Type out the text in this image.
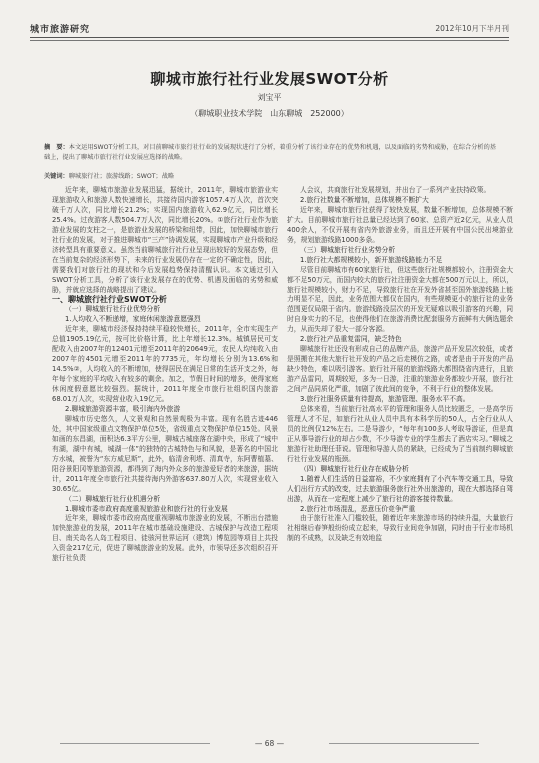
城市旅游研究	2012年10月下半月刊
聊城市旅行社行业发展SWOT分析
刘宝平
（聊城职业技术学院　山东聊城　252000）
摘　要：本文运用SWOT分析工具，对目前聊城市旅行社行业的发展现状进行了分析，着重分析了该行业存在的优势和机遇，以及面临的劣势和威胁，在综合分析的基础上，提出了聊城市旅行社行业发展应选择的战略。
关键词：聊城旅行社；旅游线路；SWOT；战略

近年来，聊城市旅游业发展迅猛，据统计，2011年，聊城市旅游业实现旅游收入和旅游人数快速增长，共接待国内游客1057.4万人次，首次突破千万人次，同比增长21.2%；实现国内旅游收入62.9亿元，同比增长25.4%。过夜游客人数504.7万人次，同比增长20%。①旅行社行业作为旅游业发展的支柱之一，是旅游业发展的桥梁和纽带，因此，加快聊城市旅行社行业的发展，对于推进聊城市“三产”协调发展，实现聊城市产业升级和经济转型具有重要意义。虽然当前聊城旅行社行业呈现出较好的发展态势，但在当前复杂的经济形势下，未来的行业发展仍存在一定的不确定性，因此，需要我们对旅行社的现状和今后发展趋势保持清醒认识。本文通过引入SWOT分析工具，分析了该行业发展存在的优势、机遇及面临的劣势和威胁，并就应选择的战略提出了建议。

一、聊城旅行社行业SWOT分析

（一）聊城旅行社行业优势分析

1.人均收入不断递增，家庭休闲旅游意愿强烈

近年来，聊城市经济保持持续平稳较快增长，2011年，全市实现生产总值1905.19亿元，按可比价格计算，比上年增长12.3%。城镇居民可支配收入由2007年的12401元增至2011年的20649元，农民人均纯收入由2007年的4501元增至2011年的7735元，年均增长分别为13.6%和14.5%②，人均收入的不断增加，使得居民在满足日常的生活开支之外，每年每个家庭的平均收入有较多的剩余。加之，节假日时间的增多，使得家庭休闲度假意愿比较强烈。据统计，2011年度全市旅行社组织国内旅游68.01万人次，实现营业收入19亿元。

2.聊城旅游资源丰富，吸引海内外旅游

聊城市历史悠久，人文景观和自然景观极为丰富。现有名胜古迹446处，其中国家级重点文物保护单位5处，省级重点文物保护单位15处。风景如画的东昌湖，面积达6.3平方公里，聊城古城座落在湖中央，形成了“城中有湖，湖中有城，城湖一体”的独特的古城特色与和风貌，是著名的中国北方水城，被誉为“东方威尼斯”，此外，临清舍利塔、清真寺，东阿曹植墓、阳谷景阳冈等旅游资源，都得到了海内外众多的旅游爱好者的来旅游，据统计，2011年度全市旅行社共接待海内外游客637.80万人次，实现营业收入30.65亿。

（二）聊城旅行社行业机遇分析

1.聊城市委市政府高度重视旅游业和旅行社的行业发展

近年来，聊城市委市政府高度重视聊城市旅游业的发展，不断出台措施加快旅游业的发展，2011年在城市基础设施建设、古城保护与改造工程项目、南关岛名人岛工程项目、徒骇河世界运河（建筑）博览园等项目上共投入资金217亿元，促进了聊城旅游业的发展。此外，市领导还多次组织召开旅行社负责

人会议，共商旅行社发展规划，并出台了一系列产业扶持政策。

2.旅行社数量不断增加，总体规模不断扩大

近年来，聊城市旅行社获得了较快发展，数量不断增加，总体规模不断扩大。目前聊城市旅行社总量已经达到了60家、总资产近2亿元，从业人员400余人，不仅开展有省内外旅游业务，而且还开展有中国公民出境游业务，规划旅游线路1000多条。

（三）聊城旅行社行业劣势分析

1.旅行社大都规模较小，新开旅游线路能力不足

尽管目前聊城市有60家旅行社，但这些旅行社规模都较小，注册资金大都不足50万元，而国内较大的旅行社注册资金大都在500万元以上，所以，旅行社规模较小，财力不足，导致旅行社在开发外省甚至国外旅游线路上能力明显不足，因此，业务范围大都仅在国内，有些规模更小的旅行社的业务范围更仅局限于省内。旅游线路没层次的开发无疑难以吸引游客的兴趣，同时自身实力的不足，也使得他们在旅游消费比配套服务方面鲜有大俩选题余力，从而失却了很大一部分客源。

2.旅行社产品重复雷同，缺乏特色

聊城旅行社还没有形成自己的品牌产品，旅游产品开发层次较低，或者是照搬在其他大旅行社开发的产品之后走模仿之路，或者是由于开发的产品缺少特色，难以吸引游客。旅行社开展的旅游线路大都围绕省内进行，且旅游产品雷同，周期较短，多为一日游，注重的旅游业务都较少开展，旅行社之间产品同质化严重，加剧了彼此间的竞争，不利于行业的整体发展。

3.旅行社服务质量有待提高，旅游管理、服务水平不高。

总体来看，当前旅行社高水平的管理和服务人员比较匮乏，一是高学历管理人才不足，如旅行社从业人员中具有本科学历的50人，占全行业从人员的比例仅12%左右。二是导游少，“每年有100多人考取导游证，但是真正从事导游行业的却占少数，不少导游专业的学生都去了酒店实习。”聊城之旅游行社助理任菲说。管理和导游人员的紧缺，已经成为了当前制约聊城旅行社行业发展的瓶颈。

（四）聊城旅行社行业存在威胁分析

1.随着人们生活的日益富裕，不少家庭拥有了小汽车等交通工具，导致人们出行方式的改变，过去旅游服务旅行社外出旅游的，现在大都选择自驾出游，从而在一定程度上减少了旅行社的游客接待数量。

2.旅行社市场混乱，恶意压价竞争严重

由于旅行社准入门槛较低，随着近年来旅游市场的持续升温，大量旅行社相继后春笋般纷纷成立起来，导致行业间竞争加剧，同时由于行业市场机制的不成熟，以及缺乏有效地监

— 68 —
